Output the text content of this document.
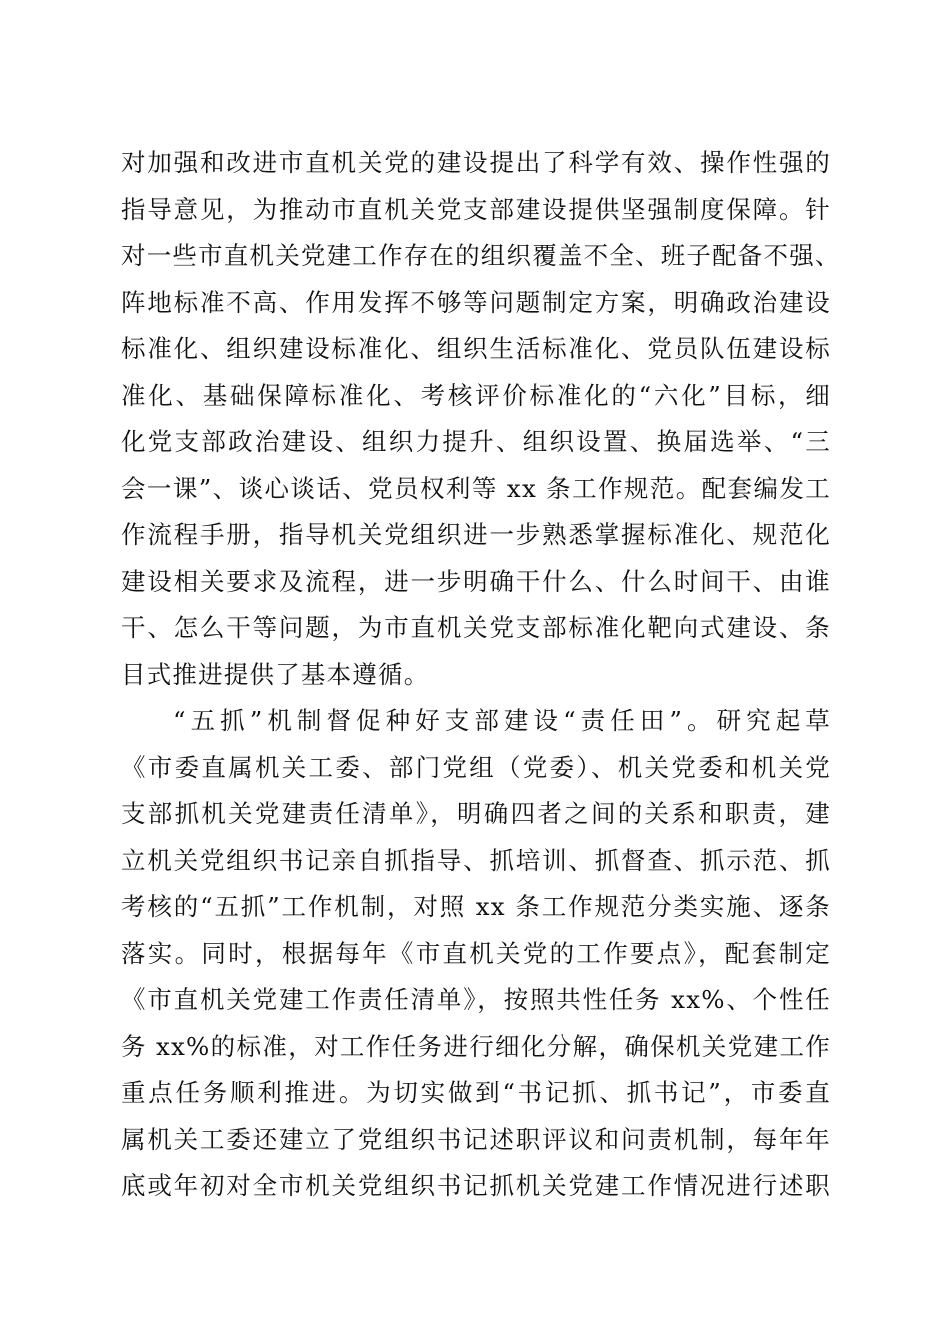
对加强和改进市直机关党的建设提出了科学有效、操作性强的
指导意见，为推动市直机关党支部建设提供坚强制度保障。针
对一些市直机关党建工作存在的组织覆盖不全、班子配备不强、
阵地标准不高、作用发挥不够等问题制定方案，明确政治建设
标准化、组织建设标准化、组织生活标准化、党员队伍建设标
准化、基础保障标准化、考核评价标准化的“六化”目标，细
化党支部政治建设、组织力提升、组织设置、换届选举、“三
会一课”、谈心谈话、党员权利等 xx 条工作规范。配套编发工
作流程手册，指导机关党组织进一步熟悉掌握标准化、规范化
建设相关要求及流程，进一步明确干什么、什么时间干、由谁
干、怎么干等问题，为市直机关党支部标准化靶向式建设、条
目式推进提供了基本遵循。
“五抓”机制督促种好支部建设“责任田”。研究起草
《市委直属机关工委、部门党组（党委）、机关党委和机关党
支部抓机关党建责任清单》，明确四者之间的关系和职责，建
立机关党组织书记亲自抓指导、抓培训、抓督查、抓示范、抓
考核的“五抓”工作机制，对照 xx 条工作规范分类实施、逐条
落实。同时，根据每年《市直机关党的工作要点》，配套制定
《市直机关党建工作责任清单》，按照共性任务 xx%、个性任
务 xx%的标准，对工作任务进行细化分解，确保机关党建工作
重点任务顺利推进。为切实做到“书记抓、抓书记”，市委直
属机关工委还建立了党组织书记述职评议和问责机制，每年年
底或年初对全市机关党组织书记抓机关党建工作情况进行述职
